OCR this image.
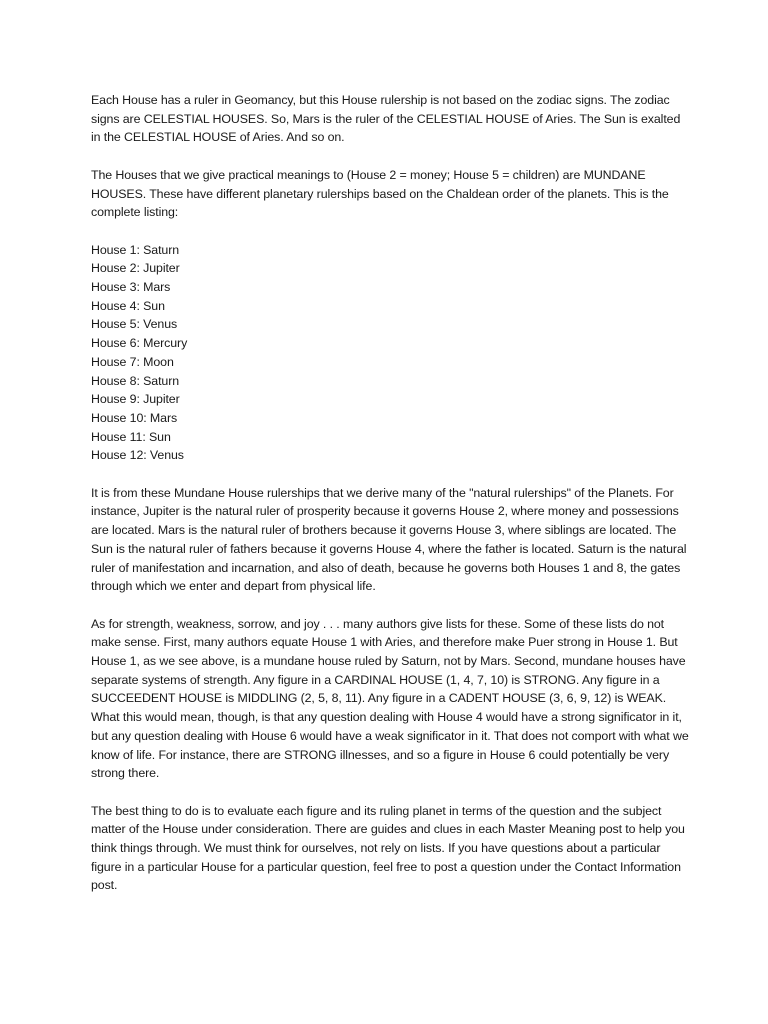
Each House has a ruler in Geomancy, but this House rulership is not based on the zodiac signs. The zodiac signs are CELESTIAL HOUSES. So, Mars is the ruler of the CELESTIAL HOUSE of Aries. The Sun is exalted in the CELESTIAL HOUSE of Aries. And so on.

The Houses that we give practical meanings to (House 2 = money; House 5 = children) are MUNDANE HOUSES. These have different planetary rulerships based on the Chaldean order of the planets. This is the complete listing:

House 1: Saturn
House 2: Jupiter
House 3: Mars
House 4: Sun
House 5: Venus
House 6: Mercury
House 7: Moon
House 8: Saturn
House 9: Jupiter
House 10: Mars
House 11: Sun
House 12: Venus

It is from these Mundane House rulerships that we derive many of the "natural rulerships" of the Planets. For instance, Jupiter is the natural ruler of prosperity because it governs House 2, where money and possessions are located. Mars is the natural ruler of brothers because it governs House 3, where siblings are located. The Sun is the natural ruler of fathers because it governs House 4, where the father is located. Saturn is the natural ruler of manifestation and incarnation, and also of death, because he governs both Houses 1 and 8, the gates through which we enter and depart from physical life.

As for strength, weakness, sorrow, and joy . . . many authors give lists for these. Some of these lists do not make sense. First, many authors equate House 1 with Aries, and therefore make Puer strong in House 1. But House 1, as we see above, is a mundane house ruled by Saturn, not by Mars. Second, mundane houses have separate systems of strength. Any figure in a CARDINAL HOUSE (1, 4, 7, 10) is STRONG. Any figure in a SUCCEEDENT HOUSE is MIDDLING (2, 5, 8, 11). Any figure in a CADENT HOUSE (3, 6, 9, 12) is WEAK. What this would mean, though, is that any question dealing with House 4 would have a strong significator in it, but any question dealing with House 6 would have a weak significator in it. That does not comport with what we know of life. For instance, there are STRONG illnesses, and so a figure in House 6 could potentially be very strong there.

The best thing to do is to evaluate each figure and its ruling planet in terms of the question and the subject matter of the House under consideration. There are guides and clues in each Master Meaning post to help you think things through. We must think for ourselves, not rely on lists. If you have questions about a particular figure in a particular House for a particular question, feel free to post a question under the Contact Information post.
